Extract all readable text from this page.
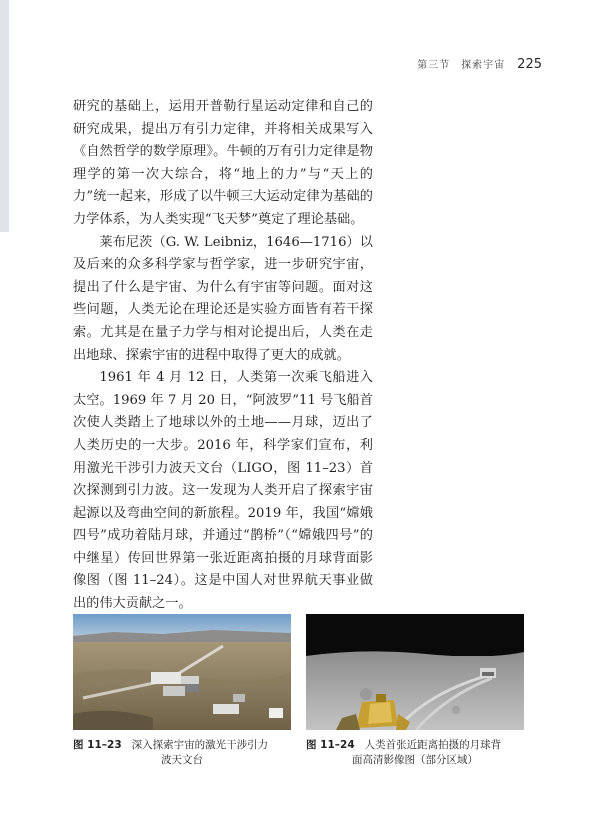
第三节　探索宇宙 225

研究的基础上，运用开普勒行星运动定律和自己的研究成果，提出万有引力定律，并将相关成果写入《自然哲学的数学原理》。牛顿的万有引力定律是物理学的第一次大综合，将“地上的力”与“天上的力”统一起来，形成了以牛顿三大运动定律为基础的力学体系，为人类实现“飞天梦”奠定了理论基础。

莱布尼茨（G. W. Leibniz，1646—1716）以及后来的众多科学家与哲学家，进一步研究宇宙，提出了什么是宇宙、为什么有宇宙等问题。面对这些问题，人类无论在理论还是实验方面皆有若干探索。尤其是在量子力学与相对论提出后，人类在走出地球、探索宇宙的进程中取得了更大的成就。

1961 年 4 月 12 日，人类第一次乘飞船进入太空。1969 年 7 月 20 日，“阿波罗”11 号飞船首次使人类踏上了地球以外的土地——月球，迈出了人类历史的一大步。2016 年，科学家们宣布，利用激光干涉引力波天文台（LIGO，图 11–23）首次探测到引力波。这一发现为人类开启了探索宇宙起源以及弯曲空间的新旅程。2019 年，我国“嫦娥四号”成功着陆月球，并通过“鹊桥”（“嫦娥四号”的中继星）传回世界第一张近距离拍摄的月球背面影像图（图 11–24）。这是中国人对世界航天事业做出的伟大贡献之一。

图 11–23 深入探索宇宙的激光干涉引力
波天文台
图 11–24 人类首张近距离拍摄的月球背
面高清影像图（部分区域）
